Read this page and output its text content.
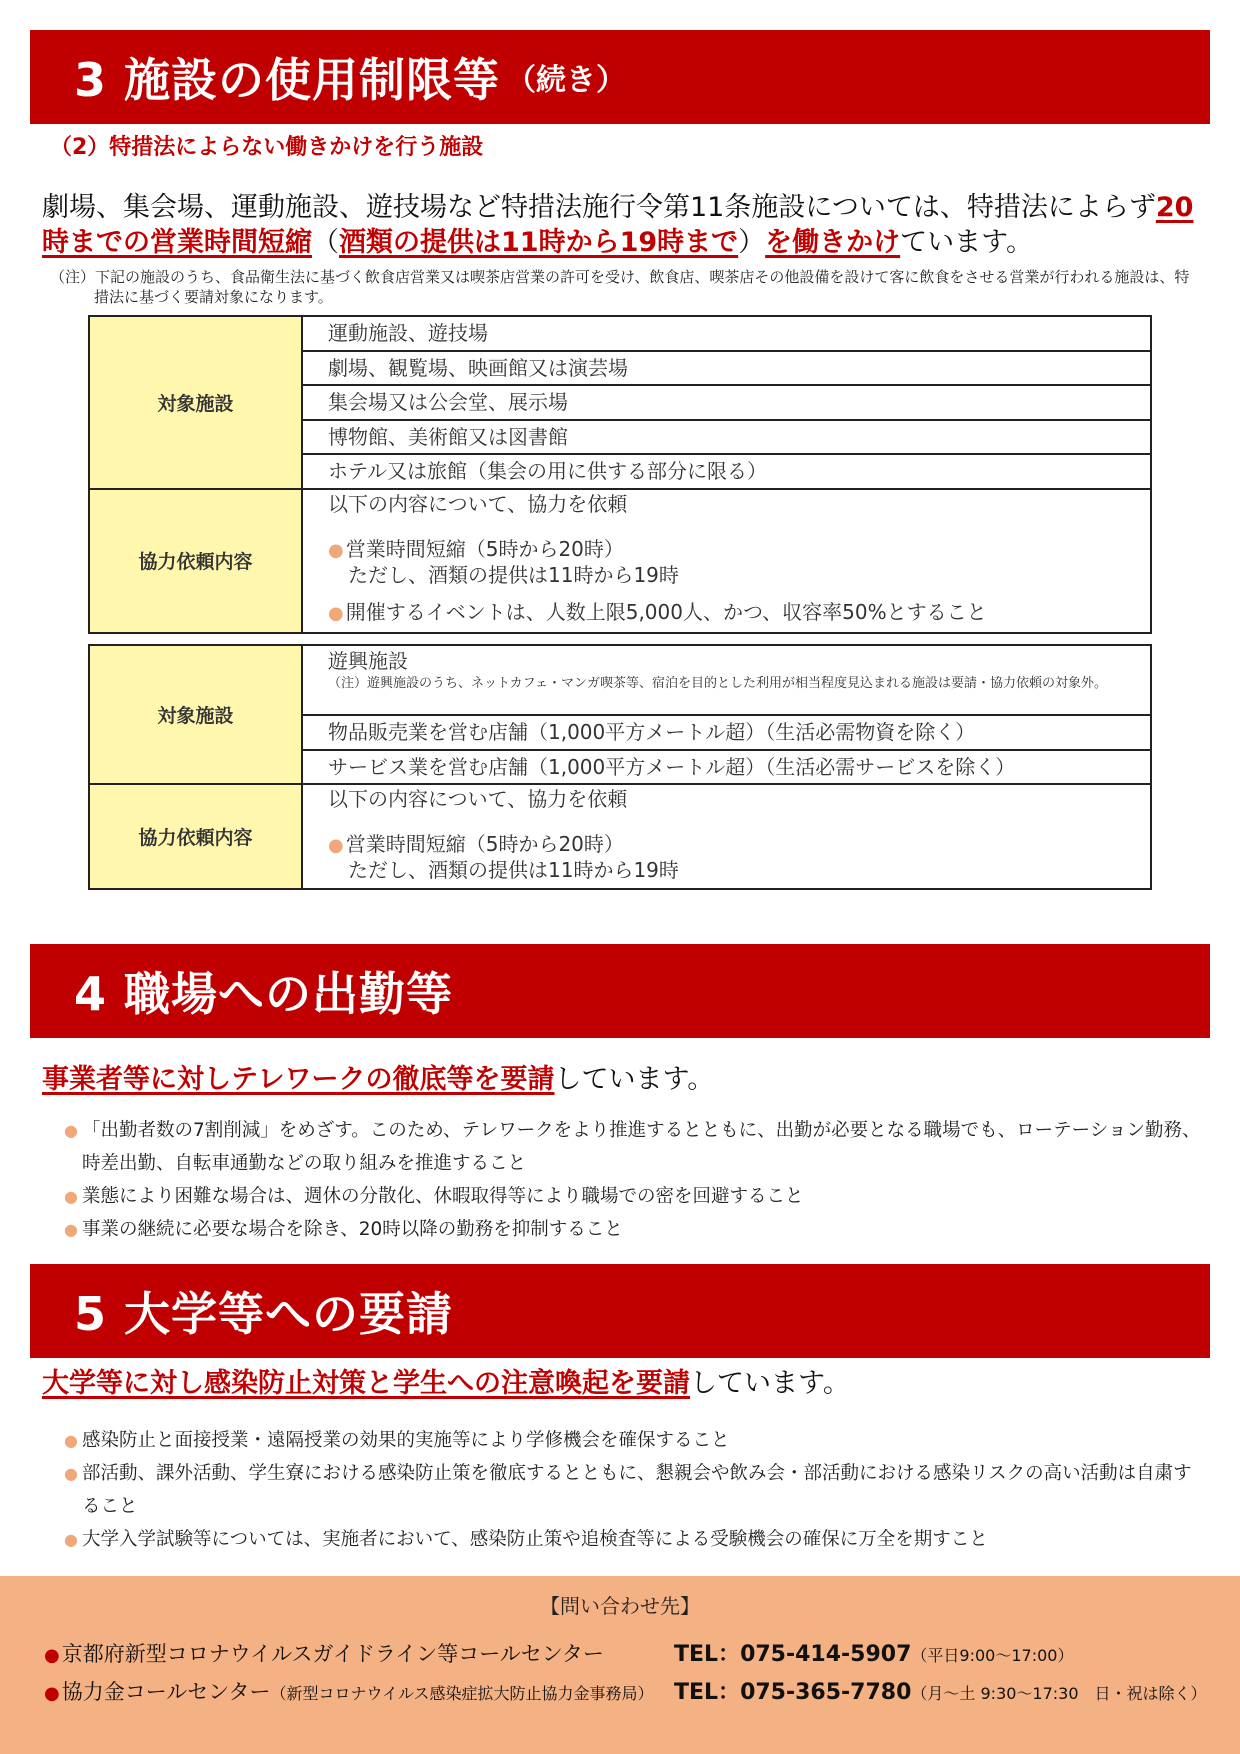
3 施設の使用制限等 （続き）
（2）特措法によらない働きかけを行う施設
劇場、集会場、運動施設、遊技場など特措法施行令第11条施設については、特措法によらず20時までの営業時間短縮（酒類の提供は11時から19時まで）を働きかけています。
（注）下記の施設のうち、食品衛生法に基づく飲食店営業又は喫茶店営業の許可を受け、飲食店、喫茶店その他設備を設けて客に飲食をさせる営業が行われる施設は、特措法に基づく要請対象になります。
対象施設	運動施設、遊技場
	劇場、観覧場、映画館又は演芸場
	集会場又は公会堂、展示場
	博物館、美術館又は図書館
	ホテル又は旅館（集会の用に供する部分に限る）
協力依頼内容	以下の内容について、協力を依頼
● 営業時間短縮（5時から20時）
ただし、酒類の提供は11時から19時
● 開催するイベントは、人数上限5,000人、かつ、収容率50%とすること
対象施設	遊興施設
（注）遊興施設のうち、ネットカフェ・マンガ喫茶等、宿泊を目的とした利用が相当程度見込まれる施設は要請・協力依頼の対象外。

	物品販売業を営む店舗（1,000平方メートル超）（生活必需物資を除く）
	サービス業を営む店舗（1,000平方メートル超）（生活必需サービスを除く）
協力依頼内容	以下の内容について、協力を依頼
● 営業時間短縮（5時から20時）
ただし、酒類の提供は11時から19時
4 職場への出勤等
事業者等に対しテレワークの徹底等を要請しています。
● 「出勤者数の7割削減」をめざす。このため、テレワークをより推進するとともに、出勤が必要となる職場でも、ローテーション勤務、時差出勤、自転車通勤などの取り組みを推進すること
● 業態により困難な場合は、週休の分散化、休暇取得等により職場での密を回避すること
● 事業の継続に必要な場合を除き、20時以降の勤務を抑制すること
5 大学等への要請
大学等に対し感染防止対策と学生への注意喚起を要請しています。
● 感染防止と面接授業・遠隔授業の効果的実施等により学修機会を確保すること
● 部活動、課外活動、学生寮における感染防止策を徹底するとともに、懇親会や飲み会・部活動における感染リスクの高い活動は自粛すること
● 大学入学試験等については、実施者において、感染防止策や追検査等による受験機会の確保に万全を期すこと
【問い合わせ先】
●京都府新型コロナウイルスガイドライン等コールセンター	TEL：075-414-5907（平日9:00～17:00）
●協力金コールセンター（新型コロナウイルス感染症拡大防止協力金事務局） TEL：075-365-7780（月～土 9:30～17:30　日・祝は除く）
